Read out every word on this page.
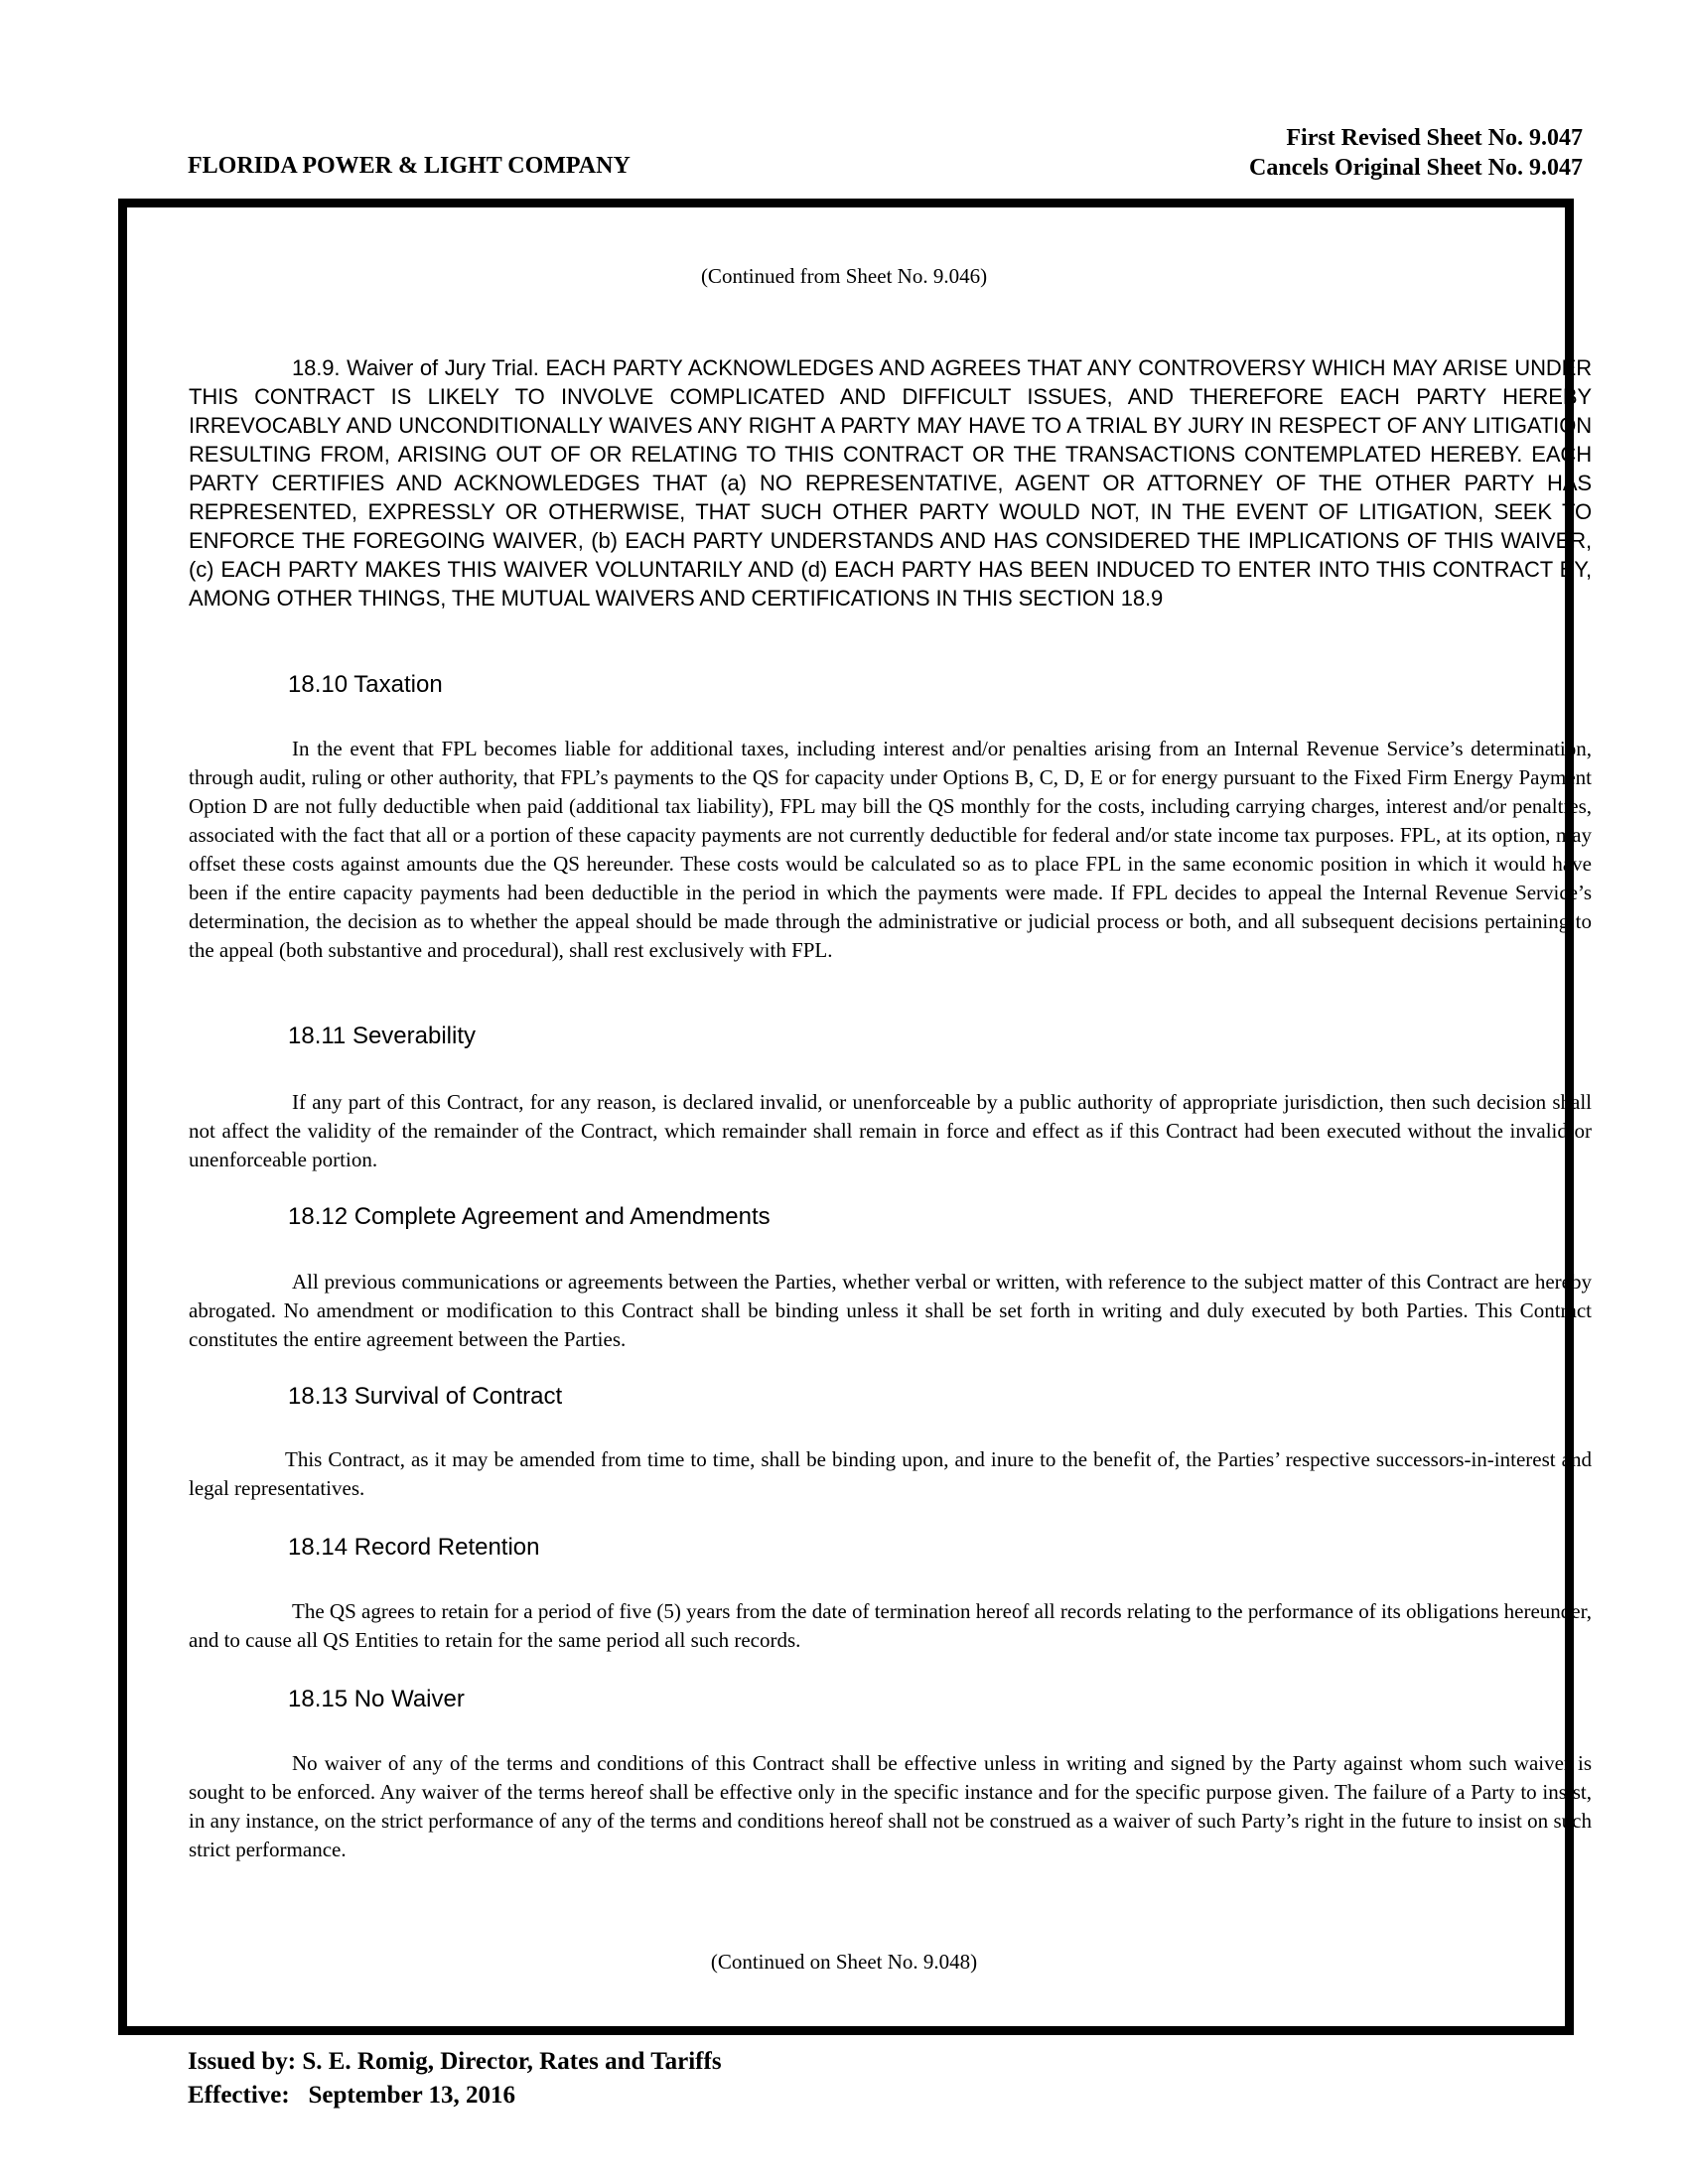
First Revised Sheet No. 9.047
Cancels Original Sheet No. 9.047
FLORIDA POWER & LIGHT COMPANY
(Continued from Sheet No. 9.046)

18.9. Waiver of Jury Trial. EACH PARTY ACKNOWLEDGES AND AGREES THAT ANY CONTROVERSY WHICH MAY ARISE UNDER THIS CONTRACT IS LIKELY TO INVOLVE COMPLICATED AND DIFFICULT ISSUES, AND THEREFORE EACH PARTY HEREBY IRREVOCABLY AND UNCONDITIONALLY WAIVES ANY RIGHT A PARTY MAY HAVE TO A TRIAL BY JURY IN RESPECT OF ANY LITIGATION RESULTING FROM, ARISING OUT OF OR RELATING TO THIS CONTRACT OR THE TRANSACTIONS CONTEMPLATED HEREBY. EACH PARTY CERTIFIES AND ACKNOWLEDGES THAT (a) NO REPRESENTATIVE, AGENT OR ATTORNEY OF THE OTHER PARTY HAS REPRESENTED, EXPRESSLY OR OTHERWISE, THAT SUCH OTHER PARTY WOULD NOT, IN THE EVENT OF LITIGATION, SEEK TO ENFORCE THE FOREGOING WAIVER, (b) EACH PARTY UNDERSTANDS AND HAS CONSIDERED THE IMPLICATIONS OF THIS WAIVER, (c) EACH PARTY MAKES THIS WAIVER VOLUNTARILY AND (d) EACH PARTY HAS BEEN INDUCED TO ENTER INTO THIS CONTRACT BY, AMONG OTHER THINGS, THE MUTUAL WAIVERS AND CERTIFICATIONS IN THIS SECTION 18.9

18.10 Taxation

In the event that FPL becomes liable for additional taxes, including interest and/or penalties arising from an Internal Revenue Service’s determination, through audit, ruling or other authority, that FPL’s payments to the QS for capacity under Options B, C, D, E or for energy pursuant to the Fixed Firm Energy Payment Option D are not fully deductible when paid (additional tax liability), FPL may bill the QS monthly for the costs, including carrying charges, interest and/or penalties, associated with the fact that all or a portion of these capacity payments are not currently deductible for federal and/or state income tax purposes. FPL, at its option, may offset these costs against amounts due the QS hereunder. These costs would be calculated so as to place FPL in the same economic position in which it would have been if the entire capacity payments had been deductible in the period in which the payments were made. If FPL decides to appeal the Internal Revenue Service’s determination, the decision as to whether the appeal should be made through the administrative or judicial process or both, and all subsequent decisions pertaining to the appeal (both substantive and procedural), shall rest exclusively with FPL.

18.11 Severability

If any part of this Contract, for any reason, is declared invalid, or unenforceable by a public authority of appropriate jurisdiction, then such decision shall not affect the validity of the remainder of the Contract, which remainder shall remain in force and effect as if this Contract had been executed without the invalid or unenforceable portion.

18.12 Complete Agreement and Amendments

All previous communications or agreements between the Parties, whether verbal or written, with reference to the subject matter of this Contract are hereby abrogated. No amendment or modification to this Contract shall be binding unless it shall be set forth in writing and duly executed by both Parties. This Contract constitutes the entire agreement between the Parties.

18.13 Survival of Contract

This Contract, as it may be amended from time to time, shall be binding upon, and inure to the benefit of, the Parties’ respective successors-in-interest and legal representatives.

18.14 Record Retention

The QS agrees to retain for a period of five (5) years from the date of termination hereof all records relating to the performance of its obligations hereunder, and to cause all QS Entities to retain for the same period all such records.

18.15 No Waiver

No waiver of any of the terms and conditions of this Contract shall be effective unless in writing and signed by the Party against whom such waiver is sought to be enforced. Any waiver of the terms hereof shall be effective only in the specific instance and for the specific purpose given. The failure of a Party to insist, in any instance, on the strict performance of any of the terms and conditions hereof shall not be construed as a waiver of such Party’s right in the future to insist on such strict performance.

(Continued on Sheet No. 9.048)
Issued by: S. E. Romig, Director, Rates and Tariffs
Effective:   September 13, 2016
